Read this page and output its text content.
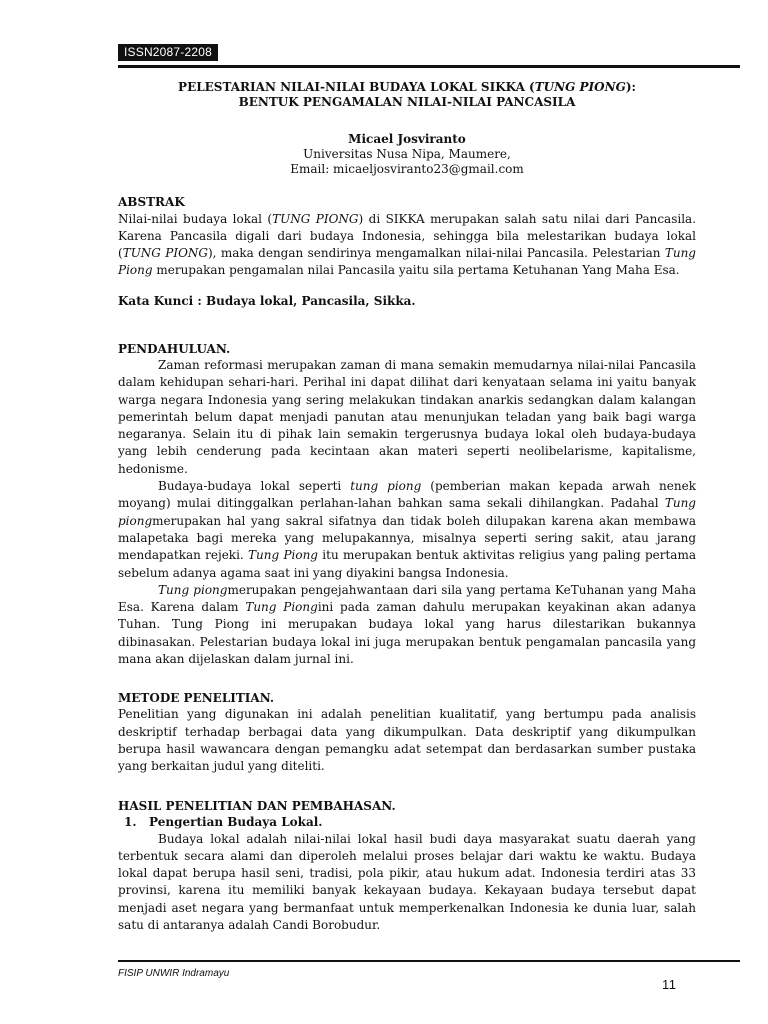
ISSN2087-2208

PELESTARIAN NILAI-NILAI BUDAYA LOKAL SIKKA (TUNG PIONG):

BENTUK PENGAMALAN NILAI-NILAI PANCASILA

Micael Josviranto
Universitas Nusa Nipa, Maumere,
Email: micaeljosviranto23@gmail.com
ABSTRAK
Nilai-nilai budaya lokal (TUNG PIONG) di SIKKA merupakan salah satu nilai dari Pancasila. Karena Pancasila digali dari budaya Indonesia, sehingga bila melestarikan budaya lokal (TUNG PIONG), maka dengan sendirinya mengamalkan nilai-nilai Pancasila. Pelestarian Tung Piong merupakan pengamalan nilai Pancasila yaitu sila pertama Ketuhanan Yang Maha Esa.
Kata Kunci : Budaya lokal, Pancasila, Sikka.
PENDAHULUAN.

Zaman reformasi merupakan zaman di mana semakin memudarnya nilai-nilai Pancasila dalam kehidupan sehari-hari. Perihal ini dapat dilihat dari kenyataan selama ini yaitu banyak warga negara Indonesia yang sering melakukan tindakan anarkis sedangkan dalam kalangan pemerintah belum dapat menjadi panutan atau menunjukan teladan yang baik bagi warga negaranya. Selain itu di pihak lain semakin tergerusnya budaya lokal oleh budaya-budaya yang lebih cenderung pada kecintaan akan materi seperti neolibelarisme, kapitalisme, hedonisme.

Budaya-budaya lokal seperti tung piong (pemberian makan kepada arwah nenek moyang) mulai ditinggalkan perlahan-lahan bahkan sama sekali dihilangkan. Padahal Tung piongmerupakan hal yang sakral sifatnya dan tidak boleh dilupakan karena akan membawa malapetaka bagi mereka yang melupakannya, misalnya seperti sering sakit, atau jarang mendapatkan rejeki. Tung Piong itu merupakan bentuk aktivitas religius yang paling pertama sebelum adanya agama saat ini yang diyakini bangsa Indonesia.

Tung piongmerupakan pengejahwantaan dari sila yang pertama KeTuhanan yang Maha Esa. Karena dalam Tung Piongini pada zaman dahulu merupakan keyakinan akan adanya Tuhan. Tung Piong ini merupakan budaya lokal yang harus dilestarikan bukannya dibinasakan. Pelestarian budaya lokal ini juga merupakan bentuk pengamalan pancasila yang mana akan dijelaskan dalam jurnal ini.

METODE PENELITIAN.

Penelitian yang digunakan ini adalah penelitian kualitatif, yang bertumpu pada analisis deskriptif terhadap berbagai data yang dikumpulkan. Data deskriptif yang dikumpulkan berupa hasil wawancara dengan pemangku adat setempat dan berdasarkan sumber pustaka yang berkaitan judul yang diteliti.

HASIL PENELITIAN DAN PEMBAHASAN.
1.   Pengertian Budaya Lokal.

Budaya lokal adalah nilai-nilai lokal hasil budi daya masyarakat suatu daerah yang terbentuk secara alami dan diperoleh melalui proses belajar dari waktu ke waktu. Budaya lokal dapat berupa hasil seni, tradisi, pola pikir, atau hukum adat. Indonesia terdiri atas 33 provinsi, karena itu memiliki banyak kekayaan budaya. Kekayaan budaya tersebut dapat menjadi aset negara yang bermanfaat untuk memperkenalkan Indonesia ke dunia luar, salah satu di antaranya adalah Candi Borobudur.

FISIP UNWIR Indramayu
11
